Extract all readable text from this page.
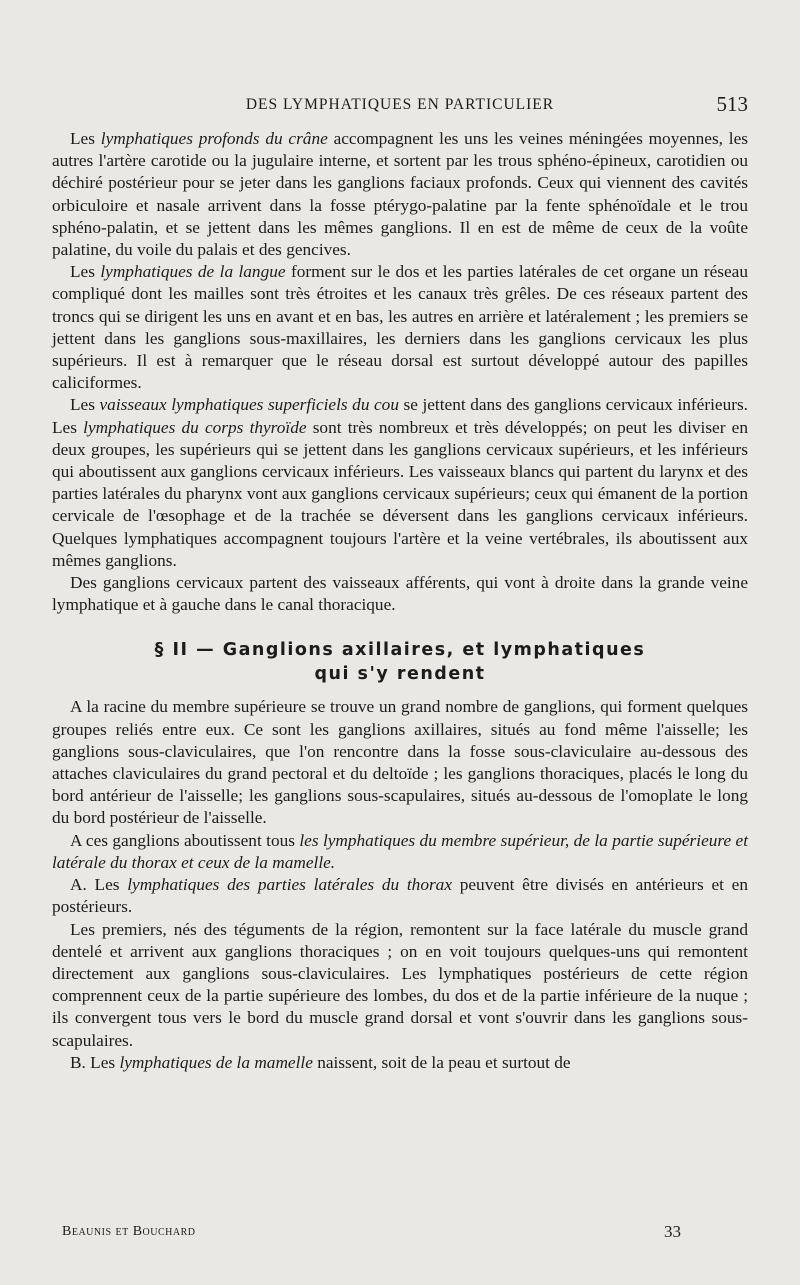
DES LYMPHATIQUES EN PARTICULIER	513

Les lymphatiques profonds du crâne accompagnent les uns les veines méningées moyennes, les autres l'artère carotide ou la jugulaire interne, et sortent par les trous sphéno-épineux, carotidien ou déchiré postérieur pour se jeter dans les ganglions faciaux profonds. Ceux qui viennent des cavités orbiculoire et nasale arrivent dans la fosse ptérygo-palatine par la fente sphénoïdale et le trou sphéno-palatin, et se jettent dans les mêmes ganglions. Il en est de même de ceux de la voûte palatine, du voile du palais et des gencives.

Les lymphatiques de la langue forment sur le dos et les parties latérales de cet organe un réseau compliqué dont les mailles sont très étroites et les canaux très grêles. De ces réseaux partent des troncs qui se dirigent les uns en avant et en bas, les autres en arrière et latéralement ; les premiers se jettent dans les ganglions sous-maxillaires, les derniers dans les ganglions cervicaux les plus supérieurs. Il est à remarquer que le réseau dorsal est surtout développé autour des papilles caliciformes.

Les vaisseaux lymphatiques superficiels du cou se jettent dans des ganglions cervicaux inférieurs. Les lymphatiques du corps thyroïde sont très nombreux et très développés; on peut les diviser en deux groupes, les supérieurs qui se jettent dans les ganglions cervicaux supérieurs, et les inférieurs qui aboutissent aux ganglions cervicaux inférieurs. Les vaisseaux blancs qui partent du larynx et des parties latérales du pharynx vont aux ganglions cervicaux supérieurs; ceux qui émanent de la portion cervicale de l'œsophage et de la trachée se déversent dans les ganglions cervicaux inférieurs. Quelques lymphatiques accompagnent toujours l'artère et la veine vertébrales, ils aboutissent aux mêmes ganglions.

Des ganglions cervicaux partent des vaisseaux afférents, qui vont à droite dans la grande veine lymphatique et à gauche dans le canal thoracique.

§ II — Ganglions axillaires, et lymphatiques
qui s'y rendent

A la racine du membre supérieure se trouve un grand nombre de ganglions, qui forment quelques groupes reliés entre eux. Ce sont les ganglions axillaires, situés au fond même l'aisselle; les ganglions sous-claviculaires, que l'on rencontre dans la fosse sous-claviculaire au-dessous des attaches claviculaires du grand pectoral et du deltoïde ; les ganglions thoraciques, placés le long du bord antérieur de l'aisselle; les ganglions sous-scapulaires, situés au-dessous de l'omoplate le long du bord postérieur de l'aisselle.

A ces ganglions aboutissent tous les lymphatiques du membre supérieur, de la partie supérieure et latérale du thorax et ceux de la mamelle.

A. Les lymphatiques des parties latérales du thorax peuvent être divisés en antérieurs et en postérieurs.

Les premiers, nés des téguments de la région, remontent sur la face latérale du muscle grand dentelé et arrivent aux ganglions thoraciques ; on en voit toujours quelques-uns qui remontent directement aux ganglions sous-claviculaires. Les lymphatiques postérieurs de cette région comprennent ceux de la partie supérieure des lombes, du dos et de la partie inférieure de la nuque ; ils convergent tous vers le bord du muscle grand dorsal et vont s'ouvrir dans les ganglions sous-scapulaires.

B. Les lymphatiques de la mamelle naissent, soit de la peau et surtout de

Beaunis et Bouchard	33
